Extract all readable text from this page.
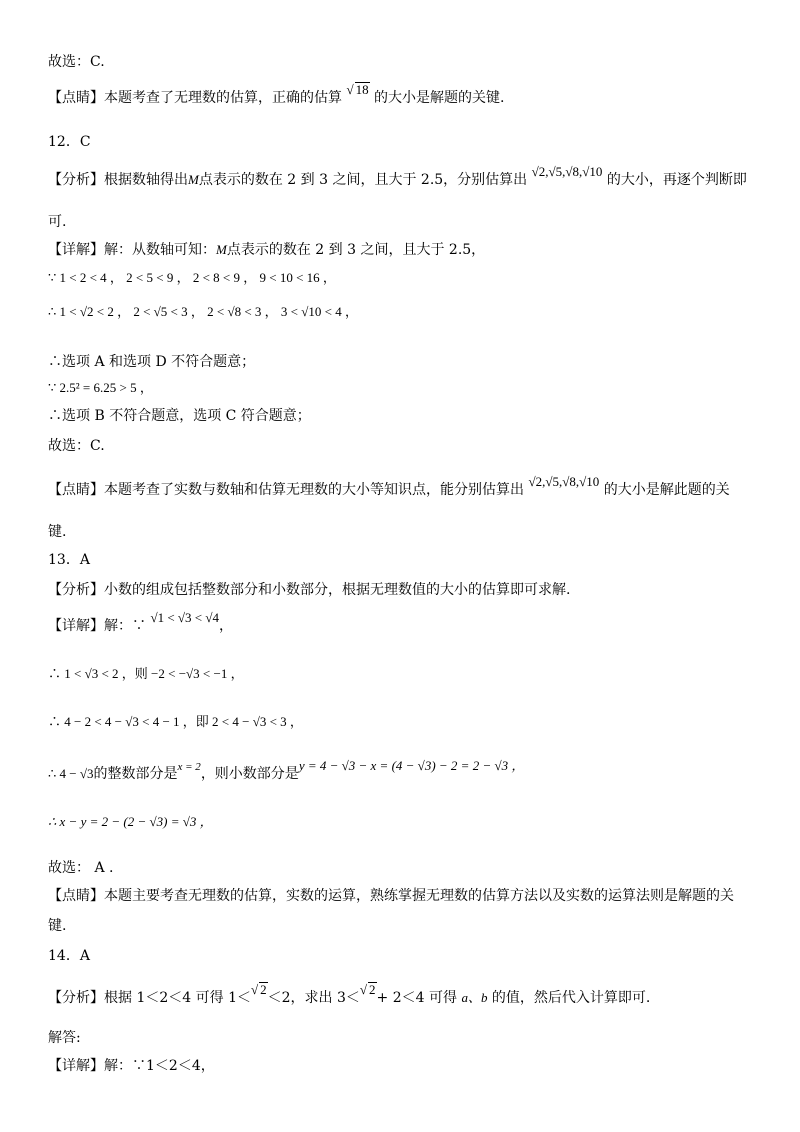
故选：C.
【点睛】本题考查了无理数的估算，正确的估算 √ 18 的大小是解题的关键.
12．C
【分析】根据数轴得出M点表示的数在 2 到 3 之间，且大于 2.5，分别估算出 √2,√5,√8,√10 的大小，再逐个判断即
可.
【详解】解：从数轴可知：M点表示的数在 2 到 3 之间，且大于 2.5，
∵ 1 < 2 < 4 ， 2 < 5 < 9 ， 2 < 8 < 9 ， 9 < 10 < 16 ，
∴ 1 < √2 < 2 ， 2 < √5 < 3 ， 2 < √8 < 3 ， 3 < √10 < 4 ，
∴选项 A 和选项 D 不符合题意；
∵ 2.5² = 6.25 > 5 ，
∴选项 B 不符合题意，选项 C 符合题意；
故选：C.
【点睛】本题考查了实数与数轴和估算无理数的大小等知识点，能分别估算出 √2,√5,√8,√10 的大小是解此题的关
键.
13．A
【分析】小数的组成包括整数部分和小数部分，根据无理数值的大小的估算即可求解.
【详解】解：∵ √1 < √3 < √4，
∴ 1 < √3 < 2 ，则 −2 < −√3 < −1 ，
∴ 4 − 2 < 4 − √3 < 4 − 1 ，即 2 < 4 − √3 < 3 ，
∴ 4 − √3的整数部分是$^{x = 2}$，则小数部分是y = 4 − √3 − x = (4 − √3) − 2 = 2 − √3 ，
∴ x − y = 2 − (2 − √3) = √3 ，
故选： A .
【点睛】本题主要考查无理数的估算，实数的运算，熟练掌握无理数的估算方法以及实数的运算法则是解题的关
键.
14．A
【分析】根据 1＜2＜4 可得 1＜√ 2＜2，求出 3＜√ 2+ 2＜4 可得 a、b 的值，然后代入计算即可.
解答:
【详解】解：∵1＜2＜4，
